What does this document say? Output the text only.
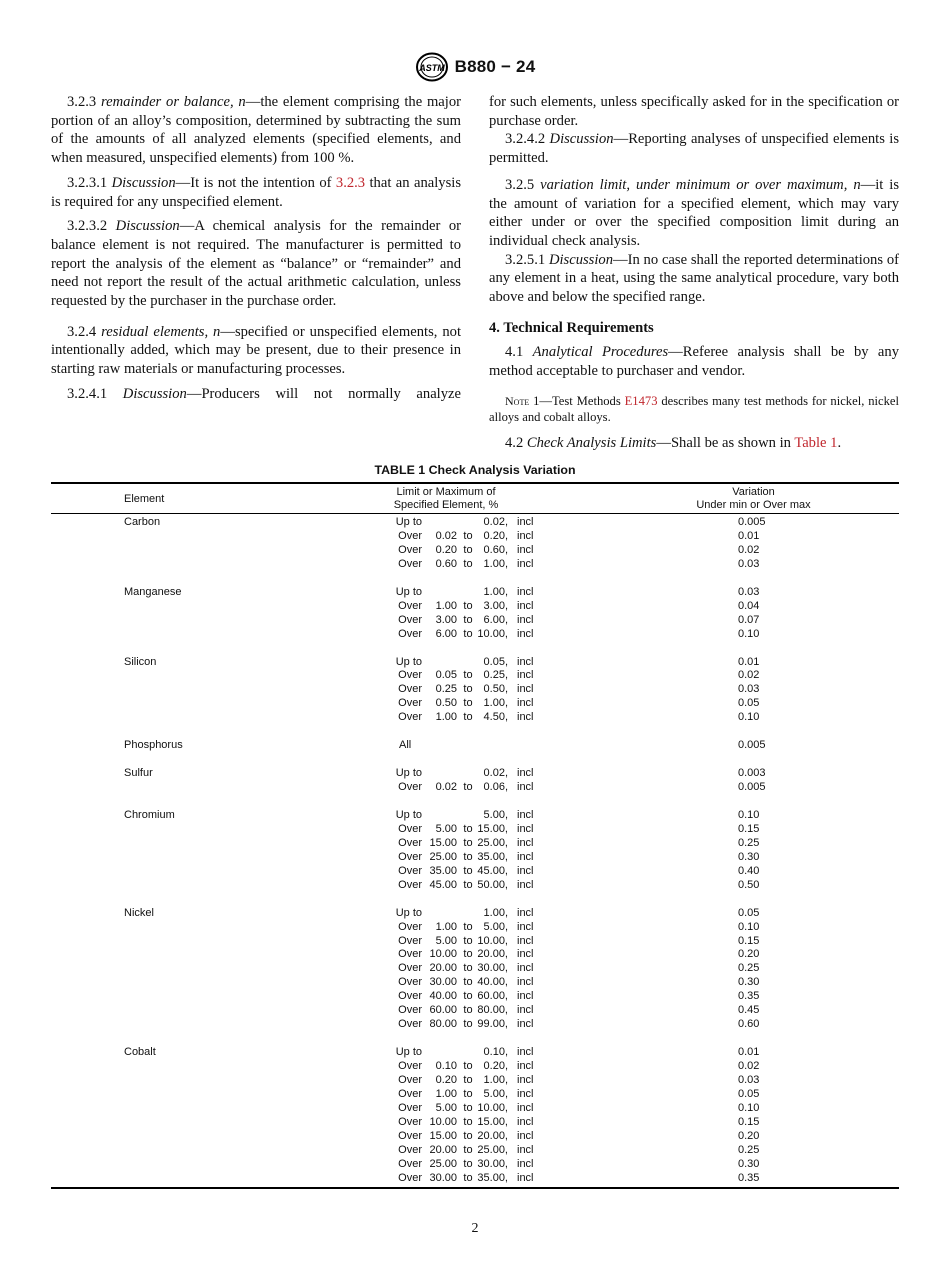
ASTM B880 − 24

3.2.3 remainder or balance, n—the element comprising the major portion of an alloy’s composition, determined by subtracting the sum of the amounts of all analyzed elements (specified elements, and when measured, unspecified elements) from 100 %.

3.2.3.1 Discussion—It is not the intention of 3.2.3 that an analysis is required for any unspecified element.

3.2.3.2 Discussion—A chemical analysis for the remainder or balance element is not required. The manufacturer is permitted to report the analysis of the element as “balance” or “remainder” and need not report the result of the actual arithmetic calculation, unless requested by the purchaser in the purchase order.

3.2.4 residual elements, n—specified or unspecified elements, not intentionally added, which may be present, due to their presence in starting raw materials or manufacturing processes.

3.2.4.1 Discussion—Producers will not normally analyze

for such elements, unless specifically asked for in the specification or purchase order.

3.2.4.2 Discussion—Reporting analyses of unspecified elements is permitted.

3.2.5 variation limit, under minimum or over maximum, n—it is the amount of variation for a specified element, which may vary either under or over the specified composition limit during an individual check analysis.

3.2.5.1 Discussion—In no case shall the reported determinations of any element in a heat, using the same analytical procedure, vary both above and below the specified range.

4. Technical Requirements

4.1 Analytical Procedures—Referee analysis shall be by any method acceptable to purchaser and vendor.

Note 1—Test Methods E1473 describes many test methods for nickel, nickel alloys and cobalt alloys.

4.2 Check Analysis Limits—Shall be as shown in Table 1.

TABLE 1 Check Analysis Variation
Element
Limit or Maximum of
Specified Element, %
Variation
Under min or Over max
Carbon	Up to	0.02, incl	0.005
Over	0.02 to 0.20, incl	0.01
Over	0.20 to 0.60, incl	0.02
Over	0.60 to 1.00, incl	0.03
Manganese	Up to	1.00, incl	0.03
Over	1.00 to 3.00, incl	0.04
Over	3.00 to 6.00, incl	0.07
Over	6.00 to 10.00, incl	0.10
Silicon	Up to	0.05, incl	0.01
Over	0.05 to 0.25, incl	0.02
Over	0.25 to 0.50, incl	0.03
Over	0.50 to 1.00, incl	0.05
Over	1.00 to 4.50, incl	0.10
Phosphorus	All	0.005
Sulfur	Up to	0.02, incl	0.003
Over	0.02 to 0.06, incl	0.005
Chromium	Up to	5.00, incl	0.10
Over	5.00 to 15.00, incl	0.15
Over 15.00 to 25.00, incl	0.25
Over 25.00 to 35.00, incl	0.30
Over 35.00 to 45.00, incl	0.40
Over 45.00 to 50.00, incl	0.50
Nickel	Up to	1.00, incl	0.05
Over	1.00 to 5.00, incl	0.10
Over	5.00 to 10.00, incl	0.15
Over 10.00 to 20.00, incl	0.20
Over 20.00 to 30.00, incl	0.25
Over 30.00 to 40.00, incl	0.30
Over 40.00 to 60.00, incl	0.35
Over 60.00 to 80.00, incl	0.45
Over 80.00 to 99.00, incl	0.60
Cobalt	Up to	0.10, incl	0.01
Over	0.10 to 0.20, incl	0.02
Over	0.20 to 1.00, incl	0.03
Over	1.00 to 5.00, incl	0.05
Over	5.00 to 10.00, incl	0.10
Over 10.00 to 15.00, incl	0.15
Over 15.00 to 20.00, incl	0.20
Over 20.00 to 25.00, incl	0.25
Over 25.00 to 30.00, incl	0.30
Over 30.00 to 35.00, incl	0.35
2
